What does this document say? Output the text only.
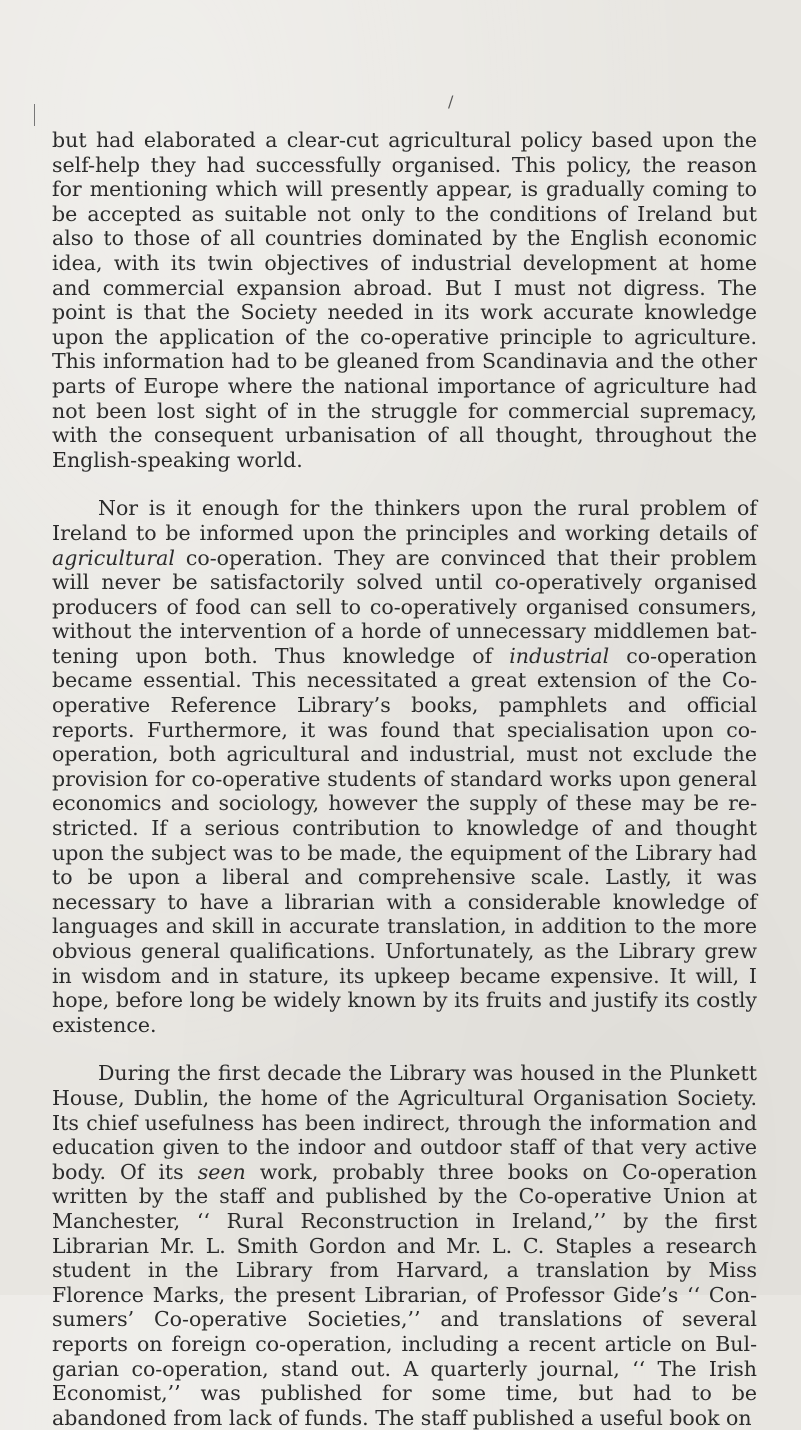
/

but had elaborated a clear-cut agricultural policy based upon the self-help they had successfully organised. This policy, the reason for mentioning which will presently appear, is gradually coming to be accepted as suitable not only to the conditions of Ireland but also to those of all countries dominated by the English economic idea, with its twin objectives of industrial development at home and commercial expansion abroad. But I must not digress. The point is that the Society needed in its work accurate knowledge upon the application of the co-operative principle to agriculture. This information had to be gleaned from Scandinavia and the other parts of Europe where the national importance of agriculture had not been lost sight of in the struggle for commercial supremacy, with the consequent urbanisation of all thought, throughout the English-speaking world.

Nor is it enough for the thinkers upon the rural problem of Ireland to be informed upon the principles and working details of agricultural co-operation. They are convinced that their problem will never be satisfactorily solved until co-operatively organised producers of food can sell to co-operatively organised consumers, without the intervention of a horde of unnecessary middlemen bat-tening upon both. Thus knowledge of industrial co-operation became essential. This necessitated a great extension of the Co-operative Reference Library’s books, pamphlets and official reports. Furthermore, it was found that specialisation upon co-operation, both agricultural and industrial, must not exclude the provision for co-operative students of standard works upon general economics and sociology, however the supply of these may be re-stricted. If a serious contribution to knowledge of and thought upon the subject was to be made, the equipment of the Library had to be upon a liberal and comprehensive scale. Lastly, it was necessary to have a librarian with a considerable knowledge of languages and skill in accurate translation, in addition to the more obvious general qualifications. Unfortunately, as the Library grew in wisdom and in stature, its upkeep became expensive. It will, I hope, before long be widely known by its fruits and justify its costly existence.

During the first decade the Library was housed in the Plunkett House, Dublin, the home of the Agricultural Organisation Society. Its chief usefulness has been indirect, through the information and education given to the indoor and outdoor staff of that very active body. Of its seen work, probably three books on Co-operation written by the staff and published by the Co-operative Union at Manchester, ‘‘ Rural Reconstruction in Ireland,’’ by the first Librarian Mr. L. Smith Gordon and Mr. L. C. Staples a research student in the Library from Harvard, a translation by Miss Florence Marks, the present Librarian, of Professor Gide’s ‘‘ Con-sumers’ Co-operative Societies,’’ and translations of several reports on foreign co-operation, including a recent article on Bul-garian co-operation, stand out. A quarterly journal, ‘‘ The Irish Economist,’’ was published for some time, but had to be abandoned from lack of funds. The staff published a useful book on
